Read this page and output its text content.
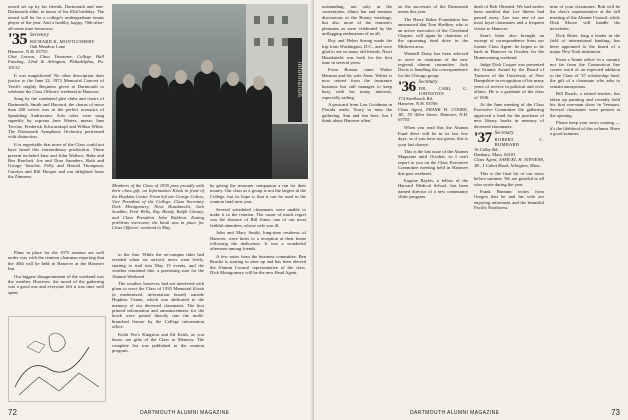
award set up by his friends, Dartmouth and non-Dartmouth alike, in honor of his 65th birthday. The award will be for a college's undergraduate tennis player of the year. And a healthy, happy, 70th-after-all-some time-tomorrow.

'35 Secretary
RICHARD K. MONTGOMERY
Oak Meadow Lane
Hanover, N.H. 03755
Chet Larson, Class Treasurer, College Hall Funding, 32nd & Arlington, Philadelphia, Pa. 19132

It was magnificent! No other description does justice to the June 22, 1972 Memorial Concert of Verdi's mighty Requiem given at Dartmouth to celebrate the Class Officers' weekend in Hanover.

Song by the combined glee clubs and choirs of Dartmouth, Smith and Harvard, the chorus of more than 200 voices was in the perfect acoustics of Spaulding Auditorium. Solo roles were sung superbly by soprano Jane Waters, mezzo Jane Tervine, Frederick Schwarzkopf and Wilbur White. The Dartmouth Symphony Orchestra performed with distinction.

It is regrettable that more of the Class could not have heard this extraordinary production. Those present included Jane and John Wallace, Bake and Bea Brachett, Joe and Dora Saunders, Ruth and George Tausche, Polly and Harold Thompson, Carolyn and Bill Hooper and our delighted hosts the Zimmers.

information
Members of the Class of 1935 pose proudly with their class gift, an Information Kiosk in front of the Hopkins Center. From left are George Colton, Vice President of the College, Class Secretary Dick Montgomery, Newt Hausknecht, Jack Scudder, Fred Wells, Ray Hardy, Ralph Cheney, and Class President John Waldron. Zoning problems overcome, the kiosk was in place for Class Officers' weekend in May.

Plans in place for the 1975 reunion are well under way with the reunion chairman reporting that the 40th will be held in Hanover at the Hanover Inn.

Our biggest disappointment of the weekend was the weather. However, the mood of the gathering was a good one and everyone felt it was time well spent.

to the fine. While the on-campus tides had receded when we arrived, news went freely, starting to trail into May 15 events, and the weather remained fine, a promising start for the Alumni Weekend.

The weather, however, had not interfered with plans to erect the Class of 1935 Memorial Kiosk (a modernized, information board) outside Hopkins Center, which was dedicated to the memory of our deceased classmates. The first printed information and announcements for the kiosk were posted directly into the multi-branched fixture by the College information office.

Keith Yeo's Kingston and Ed Keith, as you know, are gifts of the Class to Memory. The complete list was published in the reunion program.

be giving the treasurer companion a run for their money. Our class as a group is not the largest in the College, but its hope is that it can be used in the reunion fund next year.

Several scheduled classmates were unable to make it to the reunion. The cause of much regret was the absence of Bill Jones, one of our most faithful attendees, whose wife was ill.

John and Mary Smith, long-time residents of Hanover, were hosts to a reception at their home following the dedication. It was a wonderful afternoon among friends.

A few notes from the business committee. Ben Brucke is starting to steer up and has been elected the Alumni Council representative of the class. Dick Montgomery will be the new Head Agent.

72	DARTMOUTH ALUMNI MAGAZINE

outstanding, not only at the conventions, ethnic bar and seminar discussions at the Rotary meetings, but also more of the reunion's pleasures as were celebrated by the unflagging enthusiasm of us all.

Roy and Helen Strong made the trip from Washington, D.C., and were glad to see so many old friends. Newt Hausknecht was back for the first time in several years.

From Boston came Walter Herman and his wife Anne. Walter is now retired from the insurance business but still manages to keep busy with his many interests, especially sailing.

A postcard from Lou Goodman in Florida reads: 'Sorry to miss the gathering. Sun and fun here, but I think about Hanover often.'

on the successes of the Dartmouth teams this year.

The Harry Baker Foundation has announced that Tom Sheldon, who is an active executive of the Cleveland Chapter, will again be chairman of the upcoming fund drive in the Midwest area.

Wendell Daisy has been selected to serve as chairman of the new regional alumni committee. Jack Davis is handling the correspondence for the Chicago group.

'36 Secretary
DR. CARL G. JOHNSTON
174 Steelbrack Rd.
Hanover, N.H. 03766
Class Agent, FRANK H. COOKE, JR., 53 Allen Street, Hanover, N.H. 03755

When you read this the Alumni Fund drive will be in its last few days, so if you have not given, this is your last chance.

This is the last issue of the Alumni Magazine until October, so I can't report to you on the Class Executive Committee meeting held in Hanover this past weekend.

Eugene Rayles, a fellow of the Harvard Medical School, has been named director of a new community clinic program.

dealt of Bob Olmsted. We had earlier been notified that Lee Sheets had passed away. Lee was one of our most loyal classmates and a frequent visitor to Hanover.

Sam's letter also brought an excerpt of correspondence from our former Class Agent: he hopes to be back in Hanover in October for the Homecoming weekend.

Judge Dick Cooper was presented the Granite Award by the Board of Trustees of the University of New Hampshire in recognition of his many years of service in political and civic affairs. He is a graduate of the class of 1936.

At the June meeting of the Class Executive Committee the gathering approved a fund for the purchase of new library books in memory of deceased classmates.

'37 Secretary
ROBERT C. BOMBARD
16 Colby Rd.
Danbury, Mass. 02181
Class Agent, SAMUEL H. STEVENS, JR., 1 Cabot Road, Arlington, Mass.

This is the final bit of our news before summer. We are grateful to all who wrote during the year.

Frank Barnum writes from Oregon that he and his wife are enjoying retirement and the beautiful Pacific Northwest.

nine of your classmates. Bob will be the class's representative at the fall meeting of the Alumni Council, while Dick Moore will handle the newsletter.

Dick Ritter, long a leader in the field of international banking, has been appointed to the board of a major New York institution.

From a 'home office' in a country not far from the Connecticut line comes word of an expected addition to the Class of '37 scholarship fund, the gift of a classmate who asks to remain anonymous.

Bill Roach, a retired teacher, has taken up painting and recently held his first one-man show in Vermont. Several classmates were present at the opening.

Please keep your news coming — it's the lifeblood of this column. Have a good summer.

DARTMOUTH ALUMNI MAGAZINE	73
